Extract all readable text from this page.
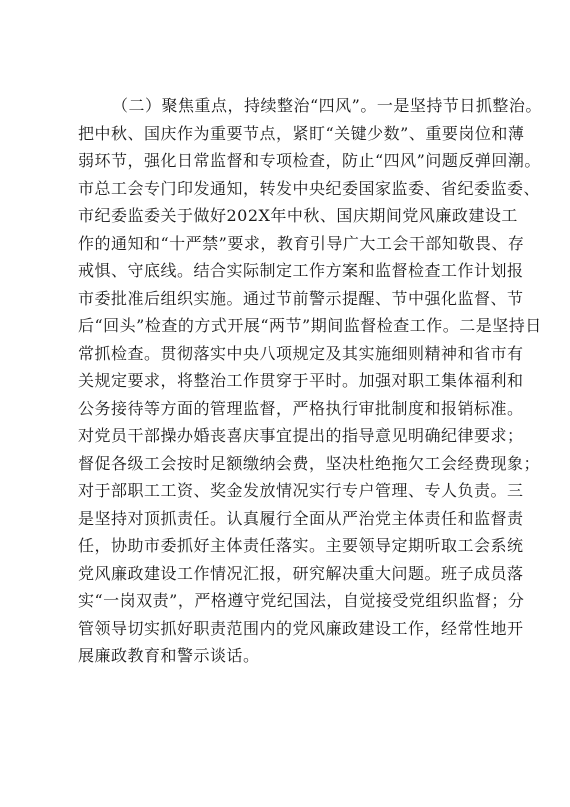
（二）聚焦重点，持续整治“四风”。一是坚持节日抓整治。
把中秋、国庆作为重要节点，紧盯“关键少数”、重要岗位和薄
弱环节，强化日常监督和专项检查，防止“四风”问题反弹回潮。
市总工会专门印发通知，转发中央纪委国家监委、省纪委监委、
市纪委监委关于做好202X年中秋、国庆期间党风廉政建设工
作的通知和“十严禁”要求，教育引导广大工会干部知敬畏、存
戒惧、守底线。结合实际制定工作方案和监督检查工作计划报
市委批准后组织实施。通过节前警示提醒、节中强化监督、节
后“回头”检查的方式开展“两节”期间监督检查工作。二是坚持日
常抓检查。贯彻落实中央八项规定及其实施细则精神和省市有
关规定要求，将整治工作贯穿于平时。加强对职工集体福利和
公务接待等方面的管理监督，严格执行审批制度和报销标准。
对党员干部操办婚丧喜庆事宜提出的指导意见明确纪律要求；
督促各级工会按时足额缴纳会费，坚决杜绝拖欠工会经费现象；
对于部职工工资、奖金发放情况实行专户管理、专人负责。三
是坚持对顶抓责任。认真履行全面从严治党主体责任和监督责
任，协助市委抓好主体责任落实。主要领导定期听取工会系统
党风廉政建设工作情况汇报，研究解决重大问题。班子成员落
实“一岗双责”，严格遵守党纪国法，自觉接受党组织监督；分
管领导切实抓好职责范围内的党风廉政建设工作，经常性地开
展廉政教育和警示谈话。
